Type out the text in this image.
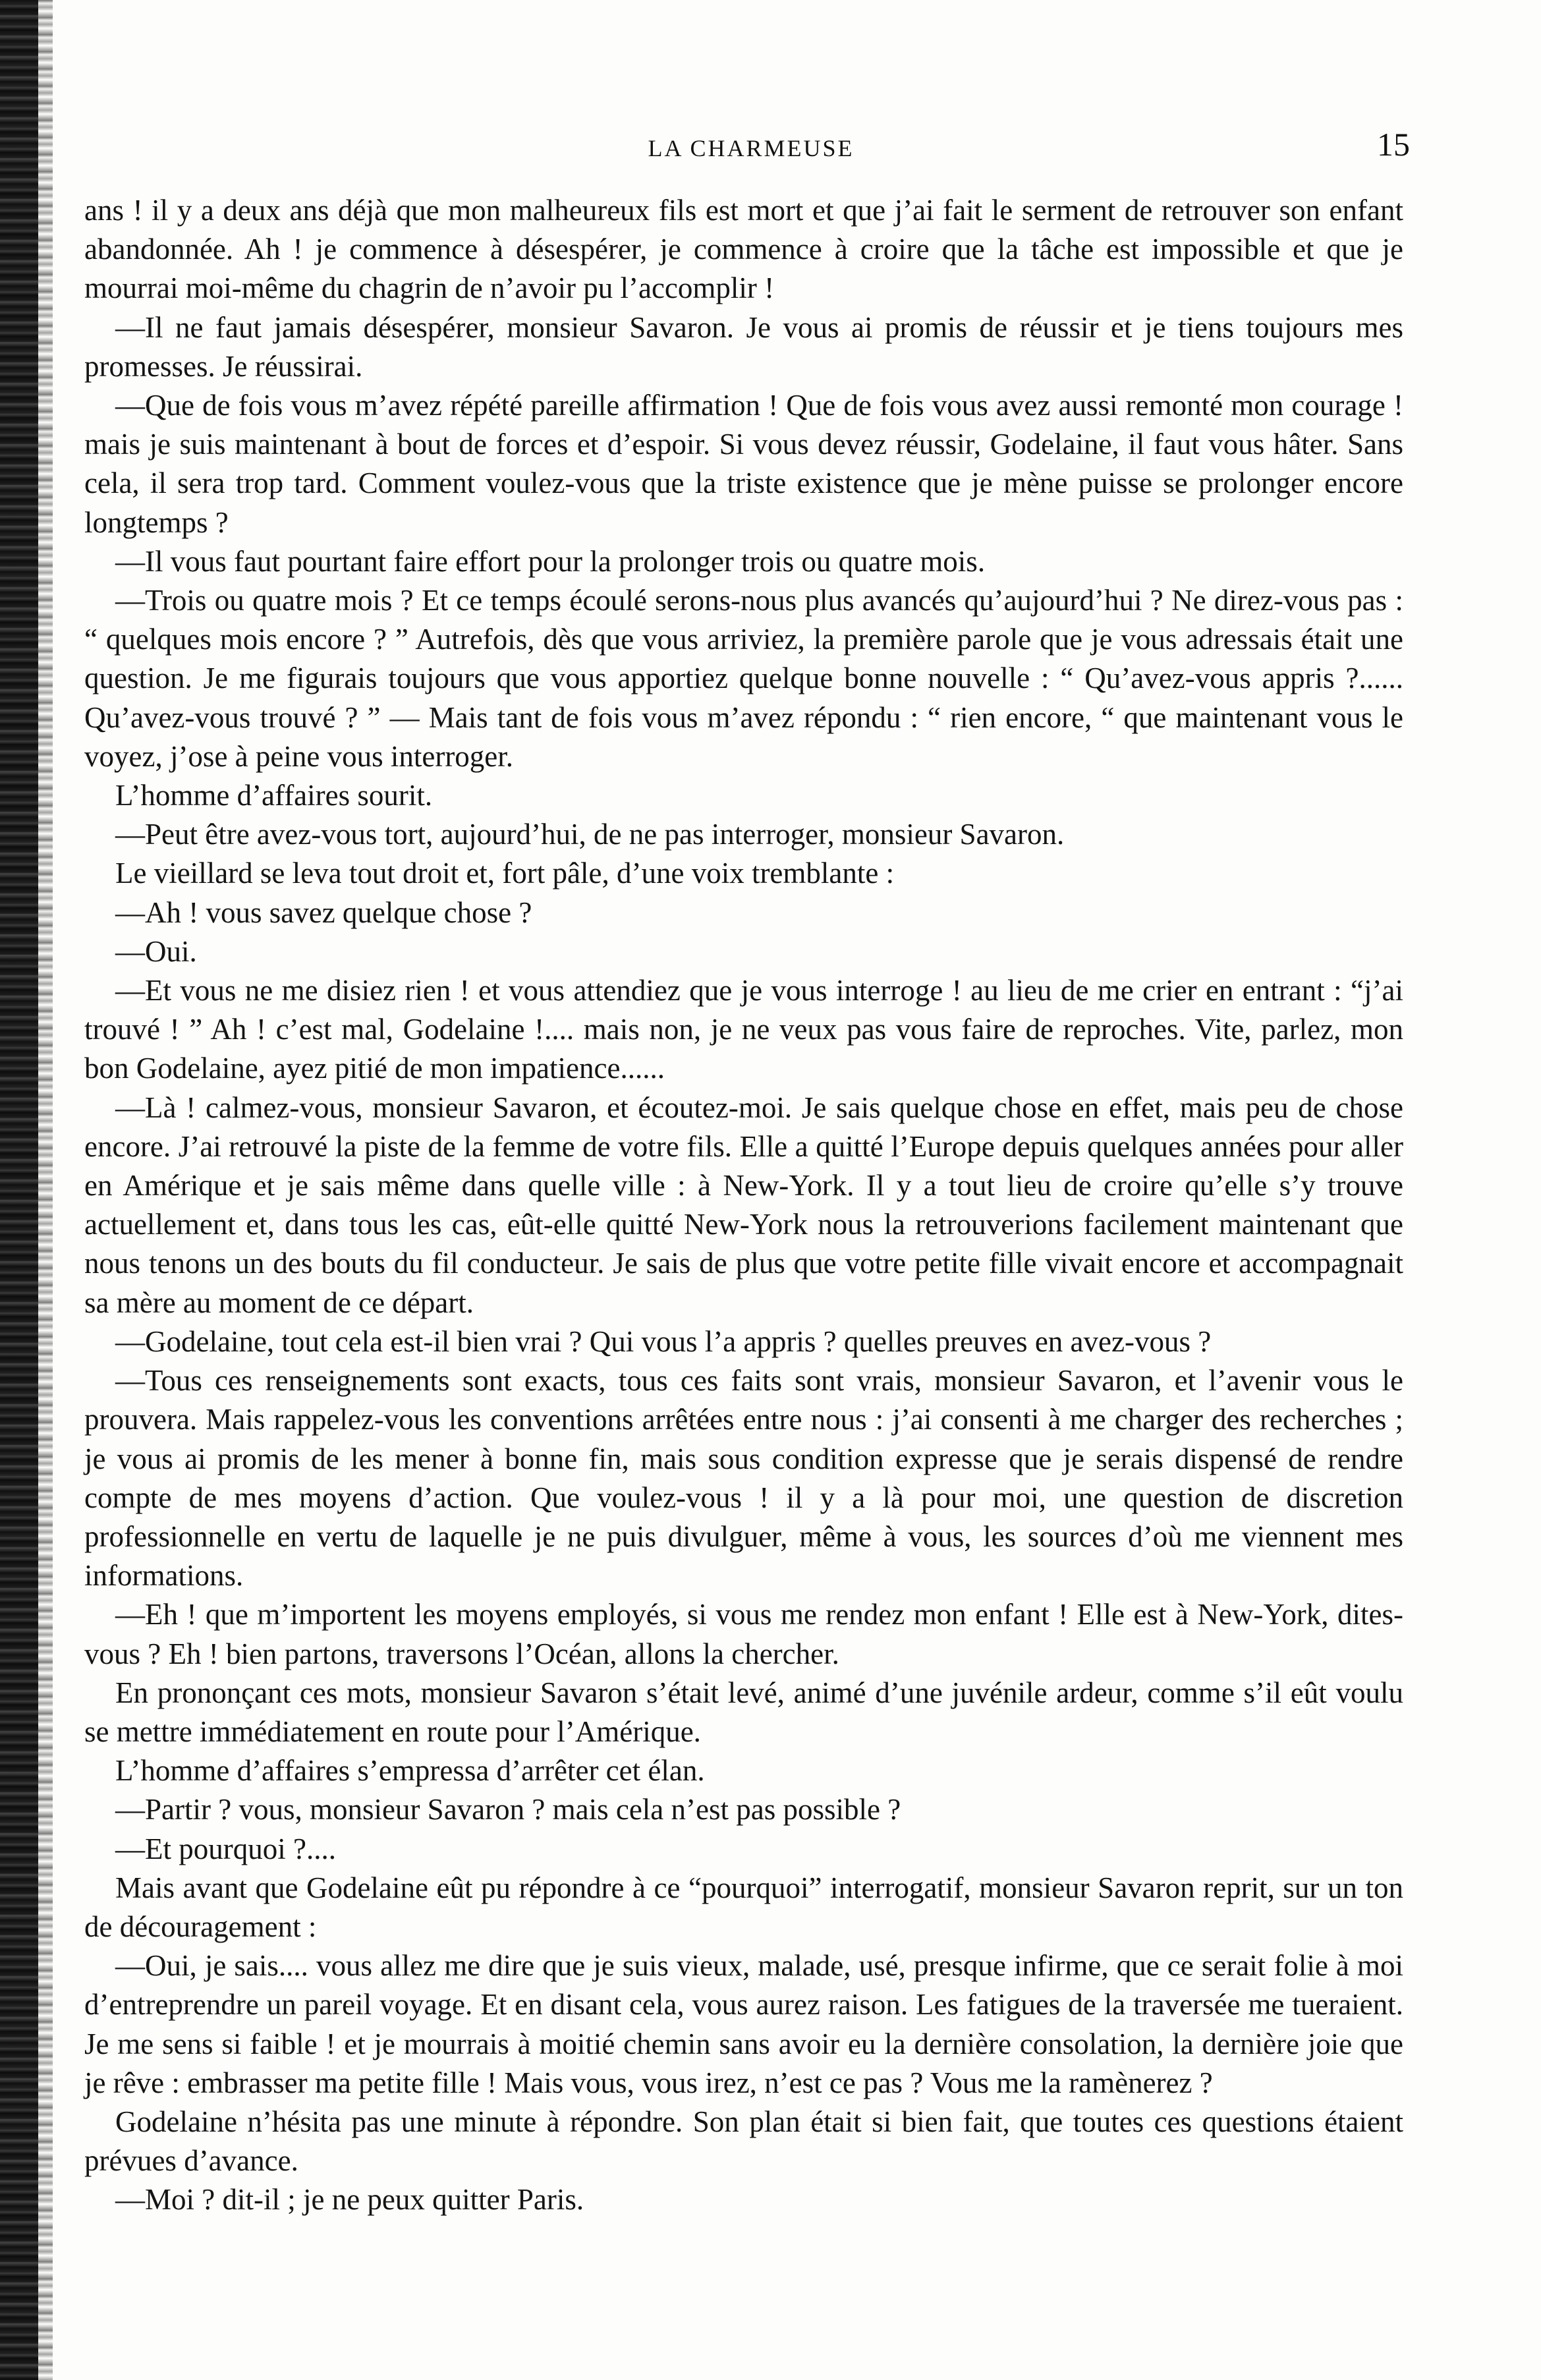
LA CHARMEUSE	15

ans ! il y a deux ans déjà que mon malheureux fils est mort et que j’ai fait le serment de retrouver son enfant abandonnée. Ah ! je commence à désespérer, je commence à croire que la tâche est impossible et que je mourrai moi-même du chagrin de n’avoir pu l’accomplir !

—Il ne faut jamais désespérer, monsieur Savaron. Je vous ai promis de réussir et je tiens toujours mes promesses. Je réussirai.

—Que de fois vous m’avez répété pareille affirmation ! Que de fois vous avez aussi remonté mon courage ! mais je suis maintenant à bout de forces et d’espoir. Si vous devez réussir, Godelaine, il faut vous hâter. Sans cela, il sera trop tard. Comment voulez-vous que la triste existence que je mène puisse se prolonger encore longtemps ?

—Il vous faut pourtant faire effort pour la prolonger trois ou quatre mois.

—Trois ou quatre mois ? Et ce temps écoulé serons-nous plus avancés qu’aujourd’hui ? Ne direz-vous pas : “ quelques mois encore ? ” Autrefois, dès que vous arriviez, la première parole que je vous adressais était une question. Je me figurais toujours que vous apportiez quelque bonne nouvelle : “ Qu’avez-vous appris ?...... Qu’avez-vous trouvé ? ” — Mais tant de fois vous m’avez répondu : “ rien encore, “ que maintenant vous le voyez, j’ose à peine vous interroger.

L’homme d’affaires sourit.

—Peut être avez-vous tort, aujourd’hui, de ne pas interroger, monsieur Savaron.

Le vieillard se leva tout droit et, fort pâle, d’une voix tremblante :

—Ah ! vous savez quelque chose ?

—Oui.

—Et vous ne me disiez rien ! et vous attendiez que je vous interroge ! au lieu de me crier en entrant : “j’ai trouvé ! ” Ah ! c’est mal, Godelaine !.... mais non, je ne veux pas vous faire de reproches. Vite, parlez, mon bon Godelaine, ayez pitié de mon impatience......

—Là ! calmez-vous, monsieur Savaron, et écoutez-moi. Je sais quelque chose en effet, mais peu de chose encore. J’ai retrouvé la piste de la femme de votre fils. Elle a quitté l’Europe depuis quelques années pour aller en Amérique et je sais même dans quelle ville : à New-York. Il y a tout lieu de croire qu’elle s’y trouve actuellement et, dans tous les cas, eût-elle quitté New-York nous la retrouverions facilement maintenant que nous tenons un des bouts du fil conducteur. Je sais de plus que votre petite fille vivait encore et accompagnait sa mère au moment de ce départ.

—Godelaine, tout cela est-il bien vrai ? Qui vous l’a appris ? quelles preuves en avez-vous ?

—Tous ces renseignements sont exacts, tous ces faits sont vrais, monsieur Savaron, et l’avenir vous le prouvera. Mais rappelez-vous les conventions arrêtées entre nous : j’ai consenti à me charger des recherches ; je vous ai promis de les mener à bonne fin, mais sous condition expresse que je serais dispensé de rendre compte de mes moyens d’action. Que voulez-vous ! il y a là pour moi, une question de discretion professionnelle en vertu de laquelle je ne puis divulguer, même à vous, les sources d’où me viennent mes informations.

—Eh ! que m’importent les moyens employés, si vous me rendez mon enfant ! Elle est à New-York, dites-vous ? Eh ! bien partons, traversons l’Océan, allons la chercher.

En prononçant ces mots, monsieur Savaron s’était levé, animé d’une juvénile ardeur, comme s’il eût voulu se mettre immédiatement en route pour l’Amérique.

L’homme d’affaires s’empressa d’arrêter cet élan.

—Partir ? vous, monsieur Savaron ? mais cela n’est pas possible ?

—Et pourquoi ?....

Mais avant que Godelaine eût pu répondre à ce “pourquoi” interrogatif, monsieur Savaron reprit, sur un ton de découragement :

—Oui, je sais.... vous allez me dire que je suis vieux, malade, usé, presque infirme, que ce serait folie à moi d’entreprendre un pareil voyage. Et en disant cela, vous aurez raison. Les fatigues de la traversée me tueraient. Je me sens si faible ! et je mourrais à moitié chemin sans avoir eu la dernière consolation, la dernière joie que je rêve : embrasser ma petite fille ! Mais vous, vous irez, n’est ce pas ? Vous me la ramènerez ?

Godelaine n’hésita pas une minute à répondre. Son plan était si bien fait, que toutes ces questions étaient prévues d’avance.

—Moi ? dit-il ; je ne peux quitter Paris.
